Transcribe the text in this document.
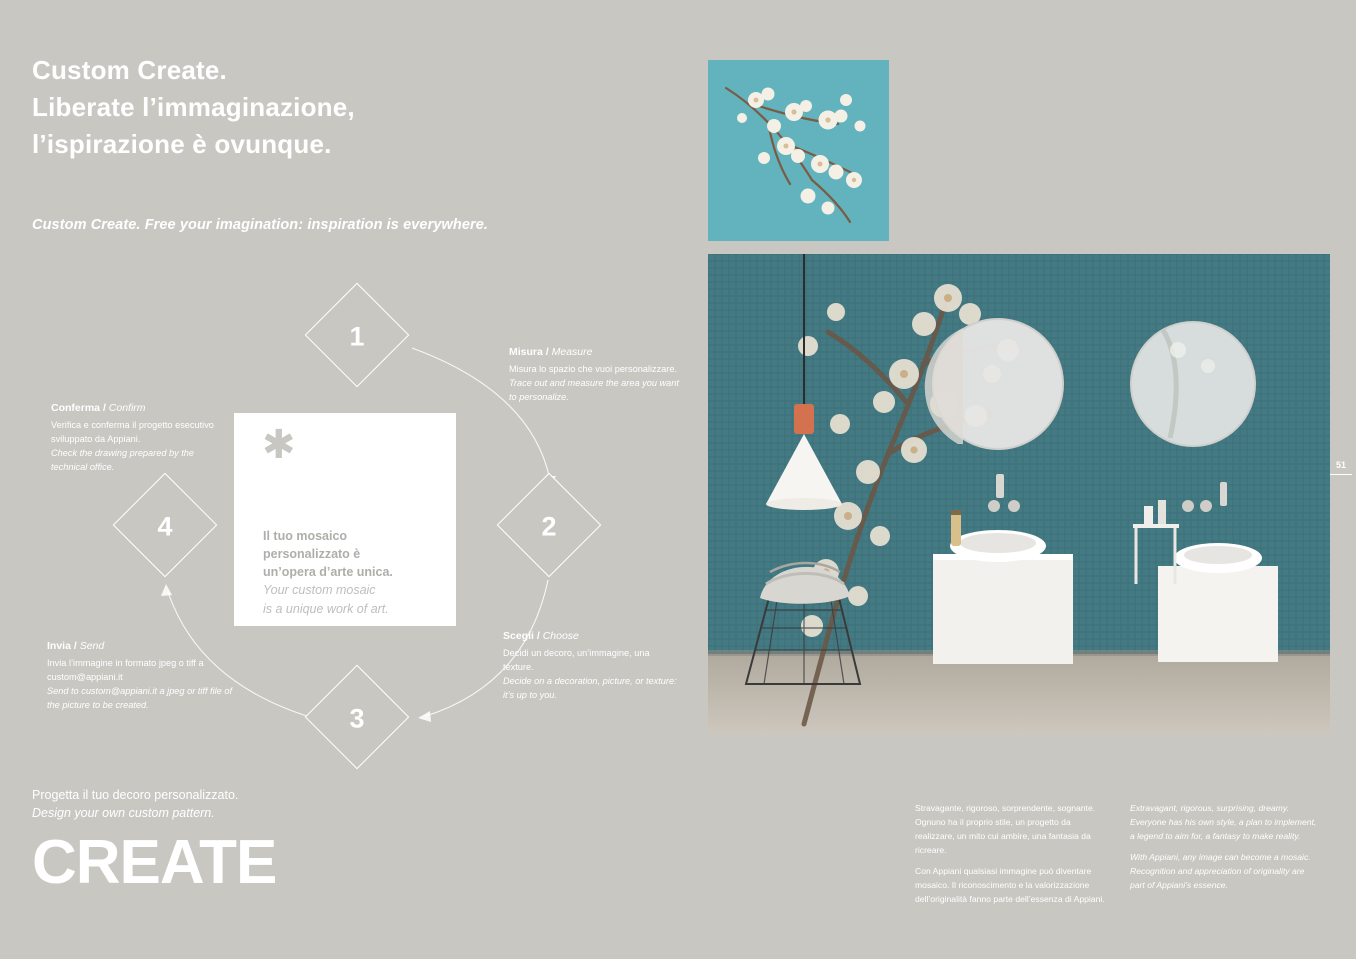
Custom Create.
Liberate l’immaginazione,
l’ispirazione è ovunque.
Custom Create. Free your imagination: inspiration is everywhere.
1
2
3
4
✱
Il tuo mosaico
personalizzato è
un’opera d’arte unica.
Your custom mosaic
is a unique work of art.
Misura / Measure
Misura lo spazio che vuoi personalizzare.
Trace out and measure the area you want to personalize.
Scegli / Choose
Decidi un decoro, un’immagine, una texture.
Decide on a decoration, picture, or texture: it’s up to you.
Invia / Send
Invia l’immagine in formato jpeg o tiff a custom@appiani.it
Send to custom@appiani.it a jpeg or tiff file of the picture to be created.
Conferma / Confirm
Verifica e conferma il progetto esecutivo sviluppato da Appiani.
Check the drawing prepared by the technical office.
Progetta il tuo decoro personalizzato.
Design your own custom pattern.
CREATE
51

Stravagante, rigoroso, sorprendente, sognante. Ognuno ha il proprio stile, un progetto da realizzare, un mito cui ambire, una fantasia da ricreare.

Con Appiani qualsiasi immagine può diventare mosaico. Il riconoscimento e la valorizzazione dell’originalità fanno parte dell’essenza di Appiani.

Extravagant, rigorous, surprising, dreamy. Everyone has his own style, a plan to implement, a legend to aim for, a fantasy to make reality.

With Appiani, any image can become a mosaic. Recognition and appreciation of originality are part of Appiani’s essence.
